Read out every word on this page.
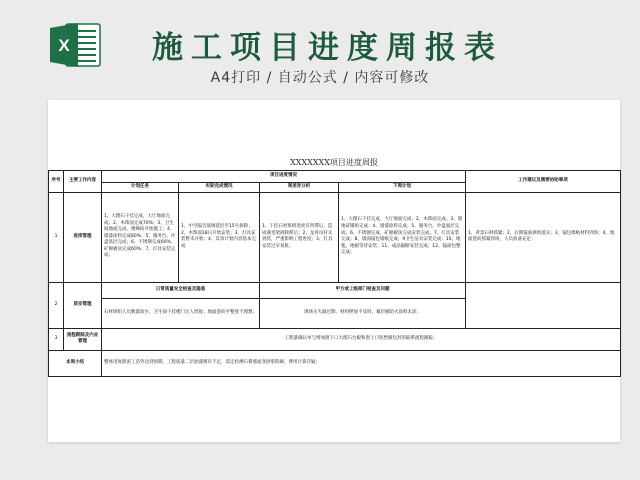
X	施工项目进度周报表
A4打印 / 自动公式 / 内容可修改
XXXXXXX项目进度周报
序号	主要工作内容	项目进度情况				工作建议及需要协助事项
		计划任务	实际完成情况	周差异分析	下周计划	
1	进度管理	1、大理石干挂完成，大厅地面完成；2、木饰面完成70%；3、卫生间地面完成，楼梯砖开始施工；4、墙漆涂料完成80%；5、服务台，沙盘基层完成；6、不锈钢完成60%，矿棉板顶完成60%；7、灯具安装完成；	1、中空隔音玻璃延迟至15号拆除；2、木饰面18日开始安装；3、灯具安装暂未开始；4、其余计划内容基本完成	1、干挂石材班组进度有所滞后，造成满堂架拆除滞后；2、龙骨吊杆未到货，严重影响工程进度；3、灯具安装过早易脏。	1、大理石干挂完成，大厅地面完成；2、木饰面完成；3、墙地砖铺贴完成；4、墙漆涂料完成；5、服务台，沙盘面层完成；6、不锈钢完成，矿棉板顶完成安装完成；7、灯具安装完成；8、墙面镜包墙纸完成；9卫生洁具安装完成；10、地毯、地板等待安装；11、成品隔断安装完成；12、镜面包整完成；	1、背景石材抓紧；2、后期镜面供组落实；3、镜包墙纸材料到场；4、地面瓷砖抓紧到场，人员准备充足；
2	质安管理	日常质量安全检查及隐患		甲方或上级部门检查及问题		
		石材班组人员数量较少，卫生间干挂楼门无人焊接；地面瓷砖平整度不理想；		现场灭火器过期、材料摆放不及时、幕层板防火涂料未涂；		
3	流程跟踪及内业管理	工程量确认单与增加窗下口大理石台板和窗上口铝塑板包封的联系流程跟踪；				
本周小结		整体进度除泥工活外达到预期，工程质量二层油漆稍有不足，需定检测石膏墙面变砂浆粉刷，费用计算存疑；				
